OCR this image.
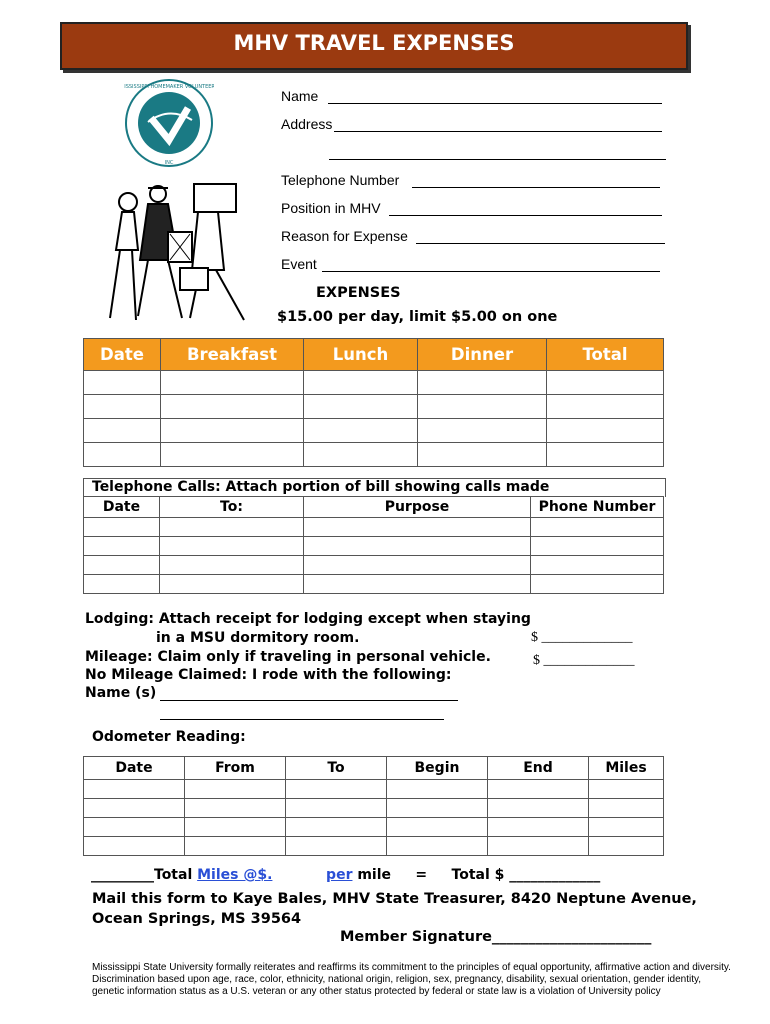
MHV TRAVEL EXPENSES
MISSISSIPPI HOMEMAKER VOLUNTEERS
INC
Name
Address
Telephone Number
Position in MHV
Reason for Expense
Event
EXPENSES
$15.00 per day, limit $5.00 on one
Date	Breakfast	Lunch	Dinner	Total

Telephone Calls: Attach portion of bill showing calls made
Date	To:	Purpose	Phone Number

Lodging: Attach receipt for lodging except when staying
in a MSU dormitory room.	$ _____________
Mileage: Claim only if traveling in personal vehicle.	$ _____________
No Mileage Claimed: I rode with the following:
Name (s)
Odometer Reading:
Date	From	To	Begin	End	Miles

_________Total Miles @$.	per mile = Total $ _____________
Mail this form to Kaye Bales, MHV State Treasurer, 8420 Neptune Avenue,
Ocean Springs, MS 39564
Member Signature______________________
Mississippi State University formally reiterates and reaffirms its commitment to the principles of equal opportunity, affirmative action and diversity. Discrimination based upon age, race, color, ethnicity, national origin, religion, sex, pregnancy, disability, sexual orientation, gender identity, genetic information status as a U.S. veteran or any other status protected by federal or state law is a violation of University policy
